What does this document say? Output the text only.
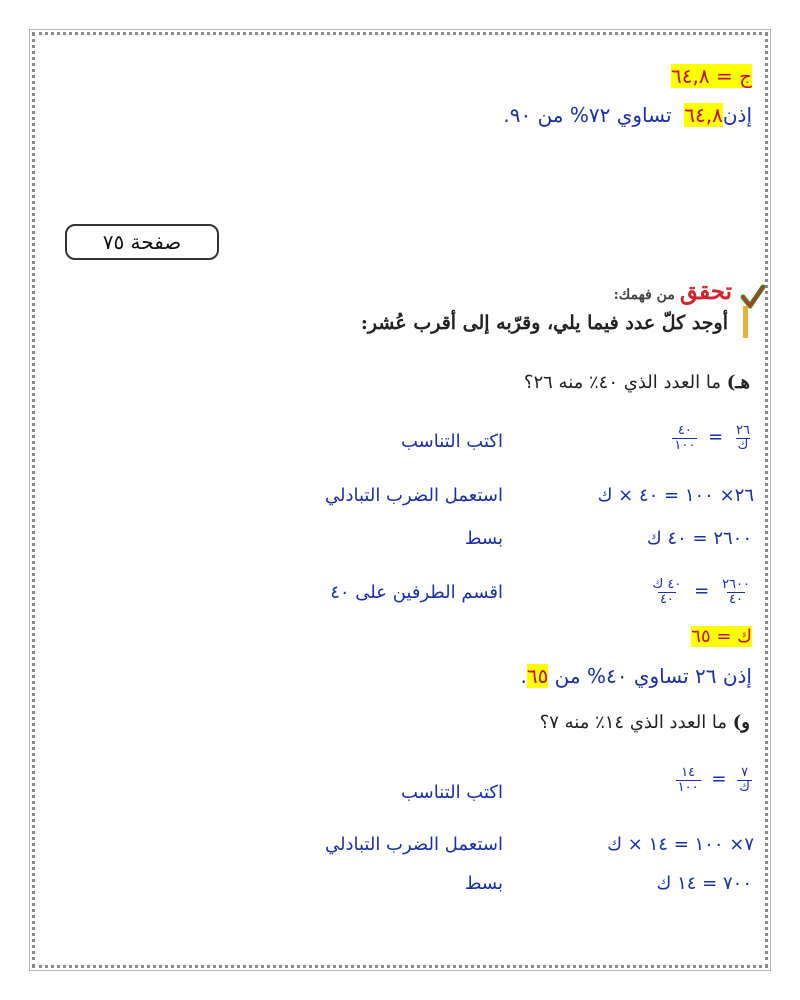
ج = ٦٤,٨
إذن٦٤,٨  تساوي ٧٢% من ٩٠.
صفحة ٧٥
تحقق من فهمك:
أوجد كلّ عدد فيما يلي، وقرّبه إلى أقرب عُشر:
هـ) ما العدد الذي ٤٠٪ منه ٢٦؟
$\frac{٢٦}{\text{ك}}$
=
$\frac{٤٠}{١٠٠}$
اكتب التناسب
٢٦× ١٠٠ = ٤٠ × ك
استعمل الضرب التبادلي
٢٦٠٠ = ٤٠ ك
بسط
$\frac{٢٦٠٠}{٤٠}$
=
$\frac{\text{٤٠ ك}}{٤٠}$
اقسم الطرفين على ٤٠
ك = ٦٥
إذن ٢٦ تساوي ٤٠% من ٦٥.
و) ما العدد الذي ١٤٪ منه ٧؟
$\frac{٧}{\text{ك}}$
=
$\frac{١٤}{١٠٠}$
اكتب التناسب
٧× ١٠٠ = ١٤ × ك
استعمل الضرب التبادلي
٧٠٠ = ١٤ ك
بسط
